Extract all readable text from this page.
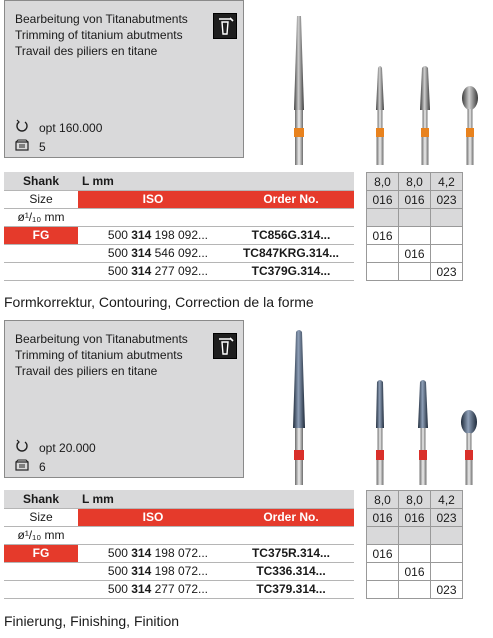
Bearbeitung von Titanabutments
Trimming of titanium abutments
Travail des piliers en titane
opt 160.000
5
Shank	L mm	
Size	ISO	Order No.
ø¹/₁₀ mm		
FG	500 314 198 092...	TC856G.314...
	500 314 546 092...	TC847KRG.314...
	500 314 277 092...	TC379G.314...
8,0	8,0	4,2
016	016	023

016		
	016	
		023
Formkorrektur, Contouring, Correction de la forme
Bearbeitung von Titanabutments
Trimming of titanium abutments
Travail des piliers en titane
opt 20.000
6
Shank	L mm	
Size	ISO	Order No.
ø¹/₁₀ mm		
FG	500 314 198 072...	TC375R.314...
	500 314 198 072...	TC336.314...
	500 314 277 072...	TC379.314...
8,0	8,0	4,2
016	016	023

016		
	016	
		023
Finierung, Finishing, Finition
